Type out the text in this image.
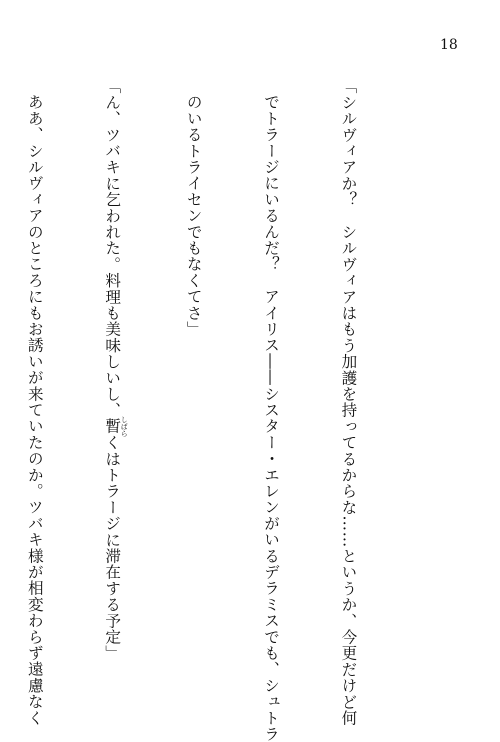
18

「シルヴィアか？　シルヴィアはもう加護を持ってるからな……というか、今更だけど何

でトラージにいるんだ？　アイリス――シスター・エレンがいるデラミスでも、シュトラ

のいるトライセンでもなくてさ」

「ん、ツバキに乞われた。料理も美味しいし、暫 しばらくはトラージに滞在する予定」

ああ、シルヴィアのところにもお誘いが来ていたのか。ツバキ様が相変わらず遠慮なく
